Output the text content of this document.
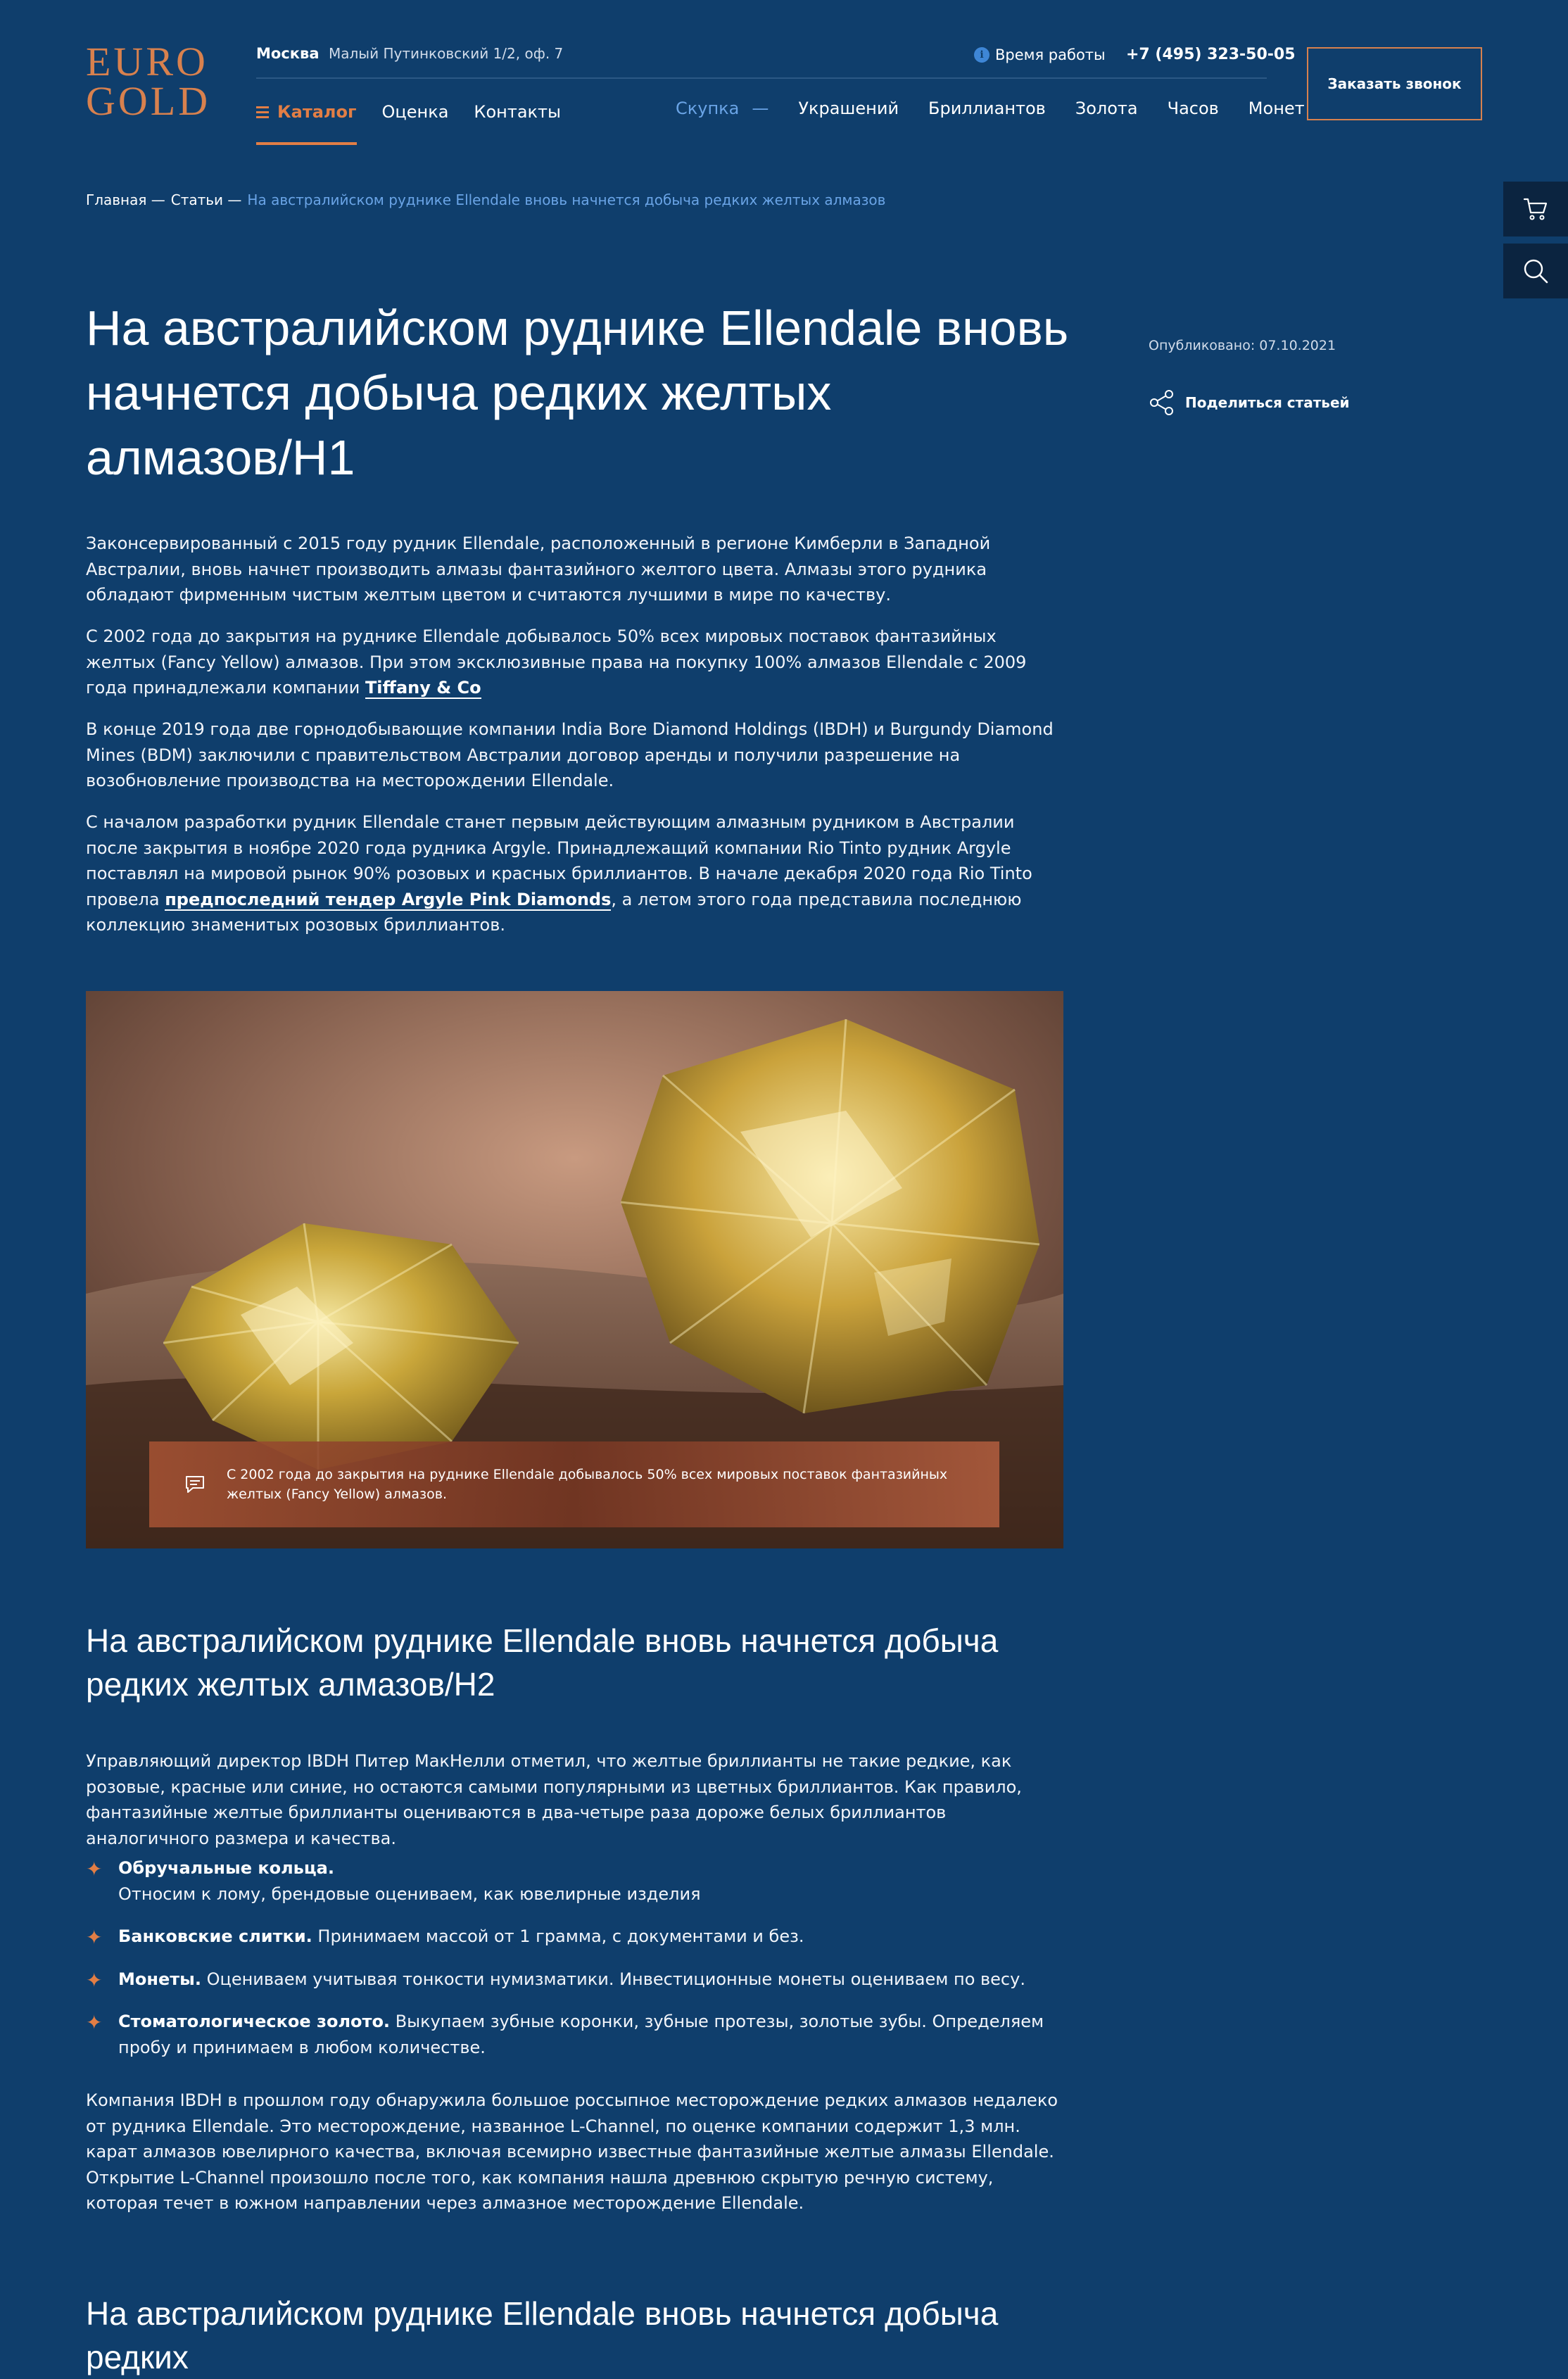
EURO
GOLD
Москва Малый Путинковский 1/2, оф. 7	i Время работы +7 (495) 323-50-05
Заказать звонок
Каталог Оценка Контакты	Скупка — Украшений Бриллиантов Золота Часов Монет
Главная — Статьи — На австралийском руднике Ellendale вновь начнется добыча редких желтых алмазов
На австралийском руднике Ellendale вновь начнется добыча редких желтых алмазов/H1
Опубликовано: 07.10.2021
Поделиться статьей

Законсервированный с 2015 году рудник Ellendale, расположенный в регионе Кимберли в Западной Австралии, вновь начнет производить алмазы фантазийного желтого цвета. Алмазы этого рудника обладают фирменным чистым желтым цветом и считаются лучшими в мире по качеству.

С 2002 года до закрытия на руднике Ellendale добывалось 50% всех мировых поставок фантазийных желтых (Fancy Yellow) алмазов. При этом эксклюзивные права на покупку 100% алмазов Ellendale с 2009 года принадлежали компании Tiffany & Co

В конце 2019 года две горнодобывающие компании India Bore Diamond Holdings (IBDH) и Burgundy Diamond Mines (BDM) заключили с правительством Австралии договор аренды и получили разрешение на возобновление производства на месторождении Ellendale.

С началом разработки рудник Ellendale станет первым действующим алмазным рудником в Австралии после закрытия в ноябре 2020 года рудника Argyle. Принадлежащий компании Rio Tinto рудник Argyle поставлял на мировой рынок 90% розовых и красных бриллиантов. В начале декабря 2020 года Rio Tinto провела предпоследний тендер Argyle Pink Diamonds, а летом этого года представила последнюю коллекцию знаменитых розовых бриллиантов.

С 2002 года до закрытия на руднике Ellendale добывалось 50% всех мировых поставок фантазийных желтых (Fancy Yellow) алмазов.
На австралийском руднике Ellendale вновь начнется добыча редких желтых алмазов/H2

Управляющий директор IBDH Питер МакНелли отметил, что желтые бриллианты не такие редкие, как розовые, красные или синие, но остаются самыми популярными из цветных бриллиантов. Как правило, фантазийные желтые бриллианты оцениваются в два-четыре раза дороже белых бриллиантов аналогичного размера и качества.

✦ Обручальные кольца.
Относим к лому, брендовые оцениваем, как ювелирные изделия
✦ Банковские слитки. Принимаем массой от 1 грамма, с документами и без.
✦ Монеты. Оцениваем учитывая тонкости нумизматики. Инвестиционные монеты оцениваем по весу.
✦ Стоматологическое золото. Выкупаем зубные коронки, зубные протезы, золотые зубы. Определяем пробу и принимаем в любом количестве.

Компания IBDH в прошлом году обнаружила большое россыпное месторождение редких алмазов недалеко от рудника Ellendale. Это месторождение, названное L-Channel, по оценке компании содержит 1,3 млн. карат алмазов ювелирного качества, включая всемирно известные фантазийные желтые алмазы Ellendale. Открытие L-Channel произошло после того, как компания нашла древнюю скрытую речную систему, которая течет в южном направлении через алмазное месторождение Ellendale.

На австралийском руднике Ellendale вновь начнется добыча редких
